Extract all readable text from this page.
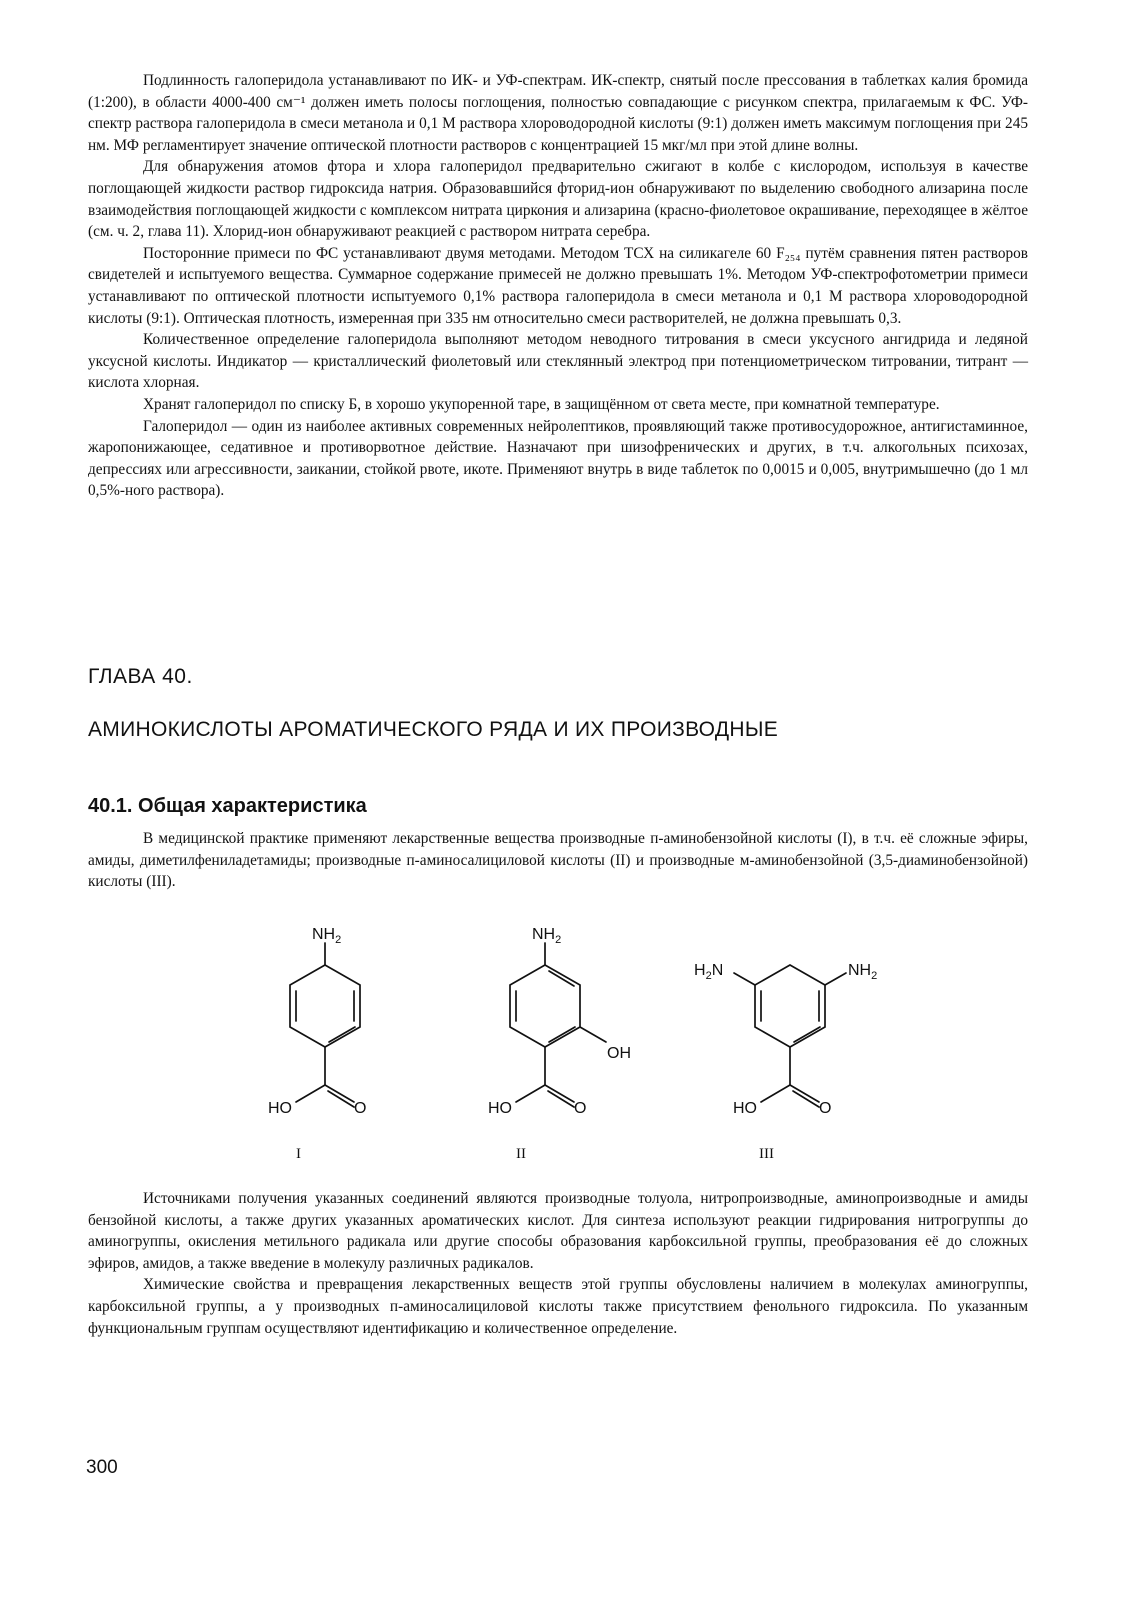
Подлинность галоперидола устанавливают по ИК- и УФ-спектрам. ИК-спектр, снятый после прессования в таблетках калия бромида (1:200), в области 4000-400 см⁻¹ должен иметь полосы поглощения, полностью совпадающие с рисунком спектра, прилагаемым к ФС. УФ-спектр раствора галоперидола в смеси метанола и 0,1 М раствора хлороводородной кислоты (9:1) должен иметь максимум поглощения при 245 нм. МФ регламентирует значение оптической плотности растворов с концентрацией 15 мкг/мл при этой длине волны.

Для обнаружения атомов фтора и хлора галоперидол предварительно сжигают в колбе с кислородом, используя в качестве поглощающей жидкости раствор гидроксида натрия. Образовавшийся фторид-ион обнаруживают по выделению свободного ализарина после взаимодействия поглощающей жидкости с комплексом нитрата циркония и ализарина (красно-фиолетовое окрашивание, переходящее в жёлтое (см. ч. 2, глава 11). Хлорид-ион обнаруживают реакцией с раствором нитрата серебра.

Посторонние примеси по ФС устанавливают двумя методами. Методом ТСХ на силикагеле 60 F₂₅₄ путём сравнения пятен растворов свидетелей и испытуемого вещества. Суммарное содержание примесей не должно превышать 1%. Методом УФ-спектрофотометрии примеси устанавливают по оптической плотности испытуемого 0,1% раствора галоперидола в смеси метанола и 0,1 М раствора хлороводородной кислоты (9:1). Оптическая плотность, измеренная при 335 нм относительно смеси растворителей, не должна превышать 0,3.

Количественное определение галоперидола выполняют методом неводного титрования в смеси уксусного ангидрида и ледяной уксусной кислоты. Индикатор — кристаллический фиолетовый или стеклянный электрод при потенциометрическом титровании, титрант — кислота хлорная.

Хранят галоперидол по списку Б, в хорошо укупоренной таре, в защищённом от света месте, при комнатной температуре.

Галоперидол — один из наиболее активных современных нейролептиков, проявляющий также противосудорожное, антигистаминное, жаропонижающее, седативное и противорвотное действие. Назначают при шизофренических и других, в т.ч. алкогольных психозах, депрессиях или агрессивности, заикании, стойкой рвоте, икоте. Применяют внутрь в виде таблеток по 0,0015 и 0,005, внутримышечно (до 1 мл 0,5%-ного раствора).

ГЛАВА 40.
АМИНОКИСЛОТЫ АРОМАТИЧЕСКОГО РЯДА И ИХ ПРОИЗВОДНЫЕ
40.1. Общая характеристика

В медицинской практике применяют лекарственные вещества производные п-аминобензойной кислоты (I), в т.ч. её сложные эфиры, амиды, диметилфениладетамиды; производные п-аминосалициловой кислоты (II) и производные м-аминобензойной (3,5-диаминобензойной) кислоты (III).

$NH_2$
HO	O
I
$NH_2$
OH
HO	O
II
$H_2N$	$NH_2$
HO	O
III

Источниками получения указанных соединений являются производные толуола, нитропроизводные, аминопроизводные и амиды бензойной кислоты, а также других указанных ароматических кислот. Для синтеза используют реакции гидрирования нитрогруппы до аминогруппы, окисления метильного радикала или другие способы образования карбоксильной группы, преобразования её до сложных эфиров, амидов, а также введение в молекулу различных радикалов.

Химические свойства и превращения лекарственных веществ этой группы обусловлены наличием в молекулах аминогруппы, карбоксильной группы, а у производных п-аминосалициловой кислоты также присутствием фенольного гидроксила. По указанным функциональным группам осуществляют идентификацию и количественное определение.

300
